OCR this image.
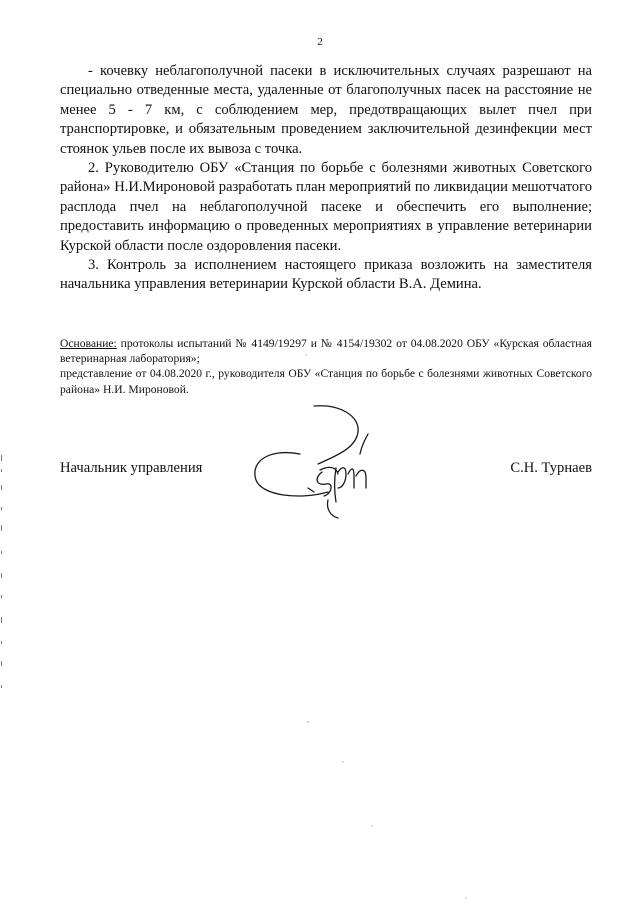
2

- кочевку неблагополучной пасеки в исключительных случаях разрешают на специально отведенные места, удаленные от благополучных пасек на расстояние не менее 5 - 7 км, с соблюдением мер, предотвращающих вылет пчел при транспортировке, и обязательным проведением заключительной дезинфекции мест стоянок ульев после их вывоза с точка.

2. Руководителю ОБУ «Станция по борьбе с болезнями животных Советского района» Н.И.Мироновой разработать план мероприятий по ликвидации мешотчатого расплода пчел на неблагополучной пасеке и обеспечить его выполнение; предоставить информацию о проведенных мероприятиях в управление ветеринарии Курской области после оздоровления пасеки.

3. Контроль за исполнением настоящего приказа возложить на заместителя начальника управления ветеринарии Курской области В.А. Демина.

Основание: протоколы испытаний № 4149/19297 и № 4154/19302 от 04.08.2020 ОБУ «Курская областная ветеринарная лаборатория»;

представление от 04.08.2020 г., руководителя ОБУ «Станция по борьбе с болезнями животных Советского района» Н.И. Мироновой.

Начальник управления	С.Н. Турнаев
